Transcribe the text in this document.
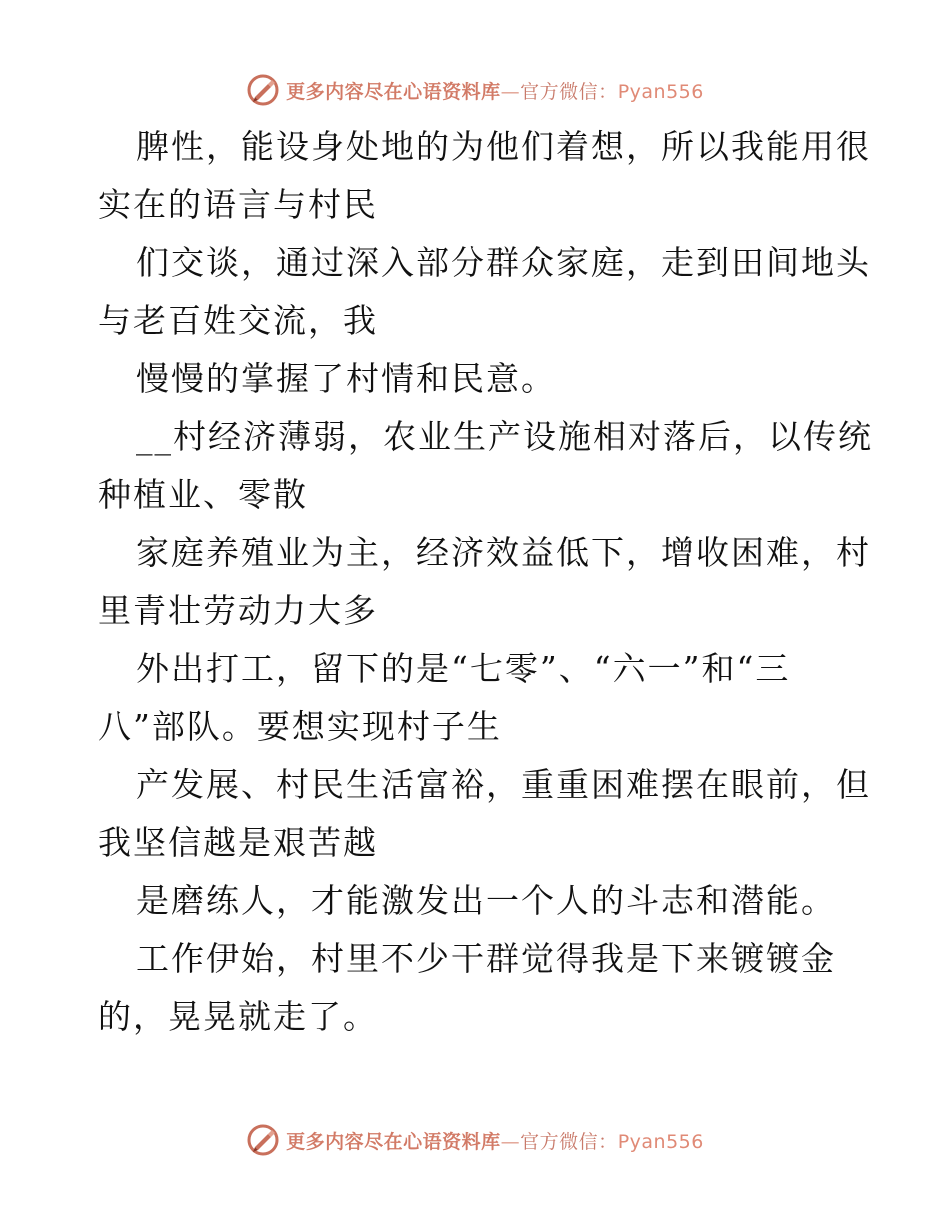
更多内容尽在心语资料库—官方微信：Pyan556
脾性，能设身处地的为他们着想，所以我能用很
实在的语言与村民
们交谈，通过深入部分群众家庭，走到田间地头
与老百姓交流，我
慢慢的掌握了村情和民意。
__村经济薄弱，农业生产设施相对落后，以传统
种植业、零散
家庭养殖业为主，经济效益低下，增收困难，村
里青壮劳动力大多
外出打工，留下的是“七零”、“六一”和“三
八”部队。要想实现村子生
产发展、村民生活富裕，重重困难摆在眼前，但
我坚信越是艰苦越
是磨练人，才能激发出一个人的斗志和潜能。
工作伊始，村里不少干群觉得我是下来镀镀金
的，晃晃就走了。
更多内容尽在心语资料库—官方微信：Pyan556
